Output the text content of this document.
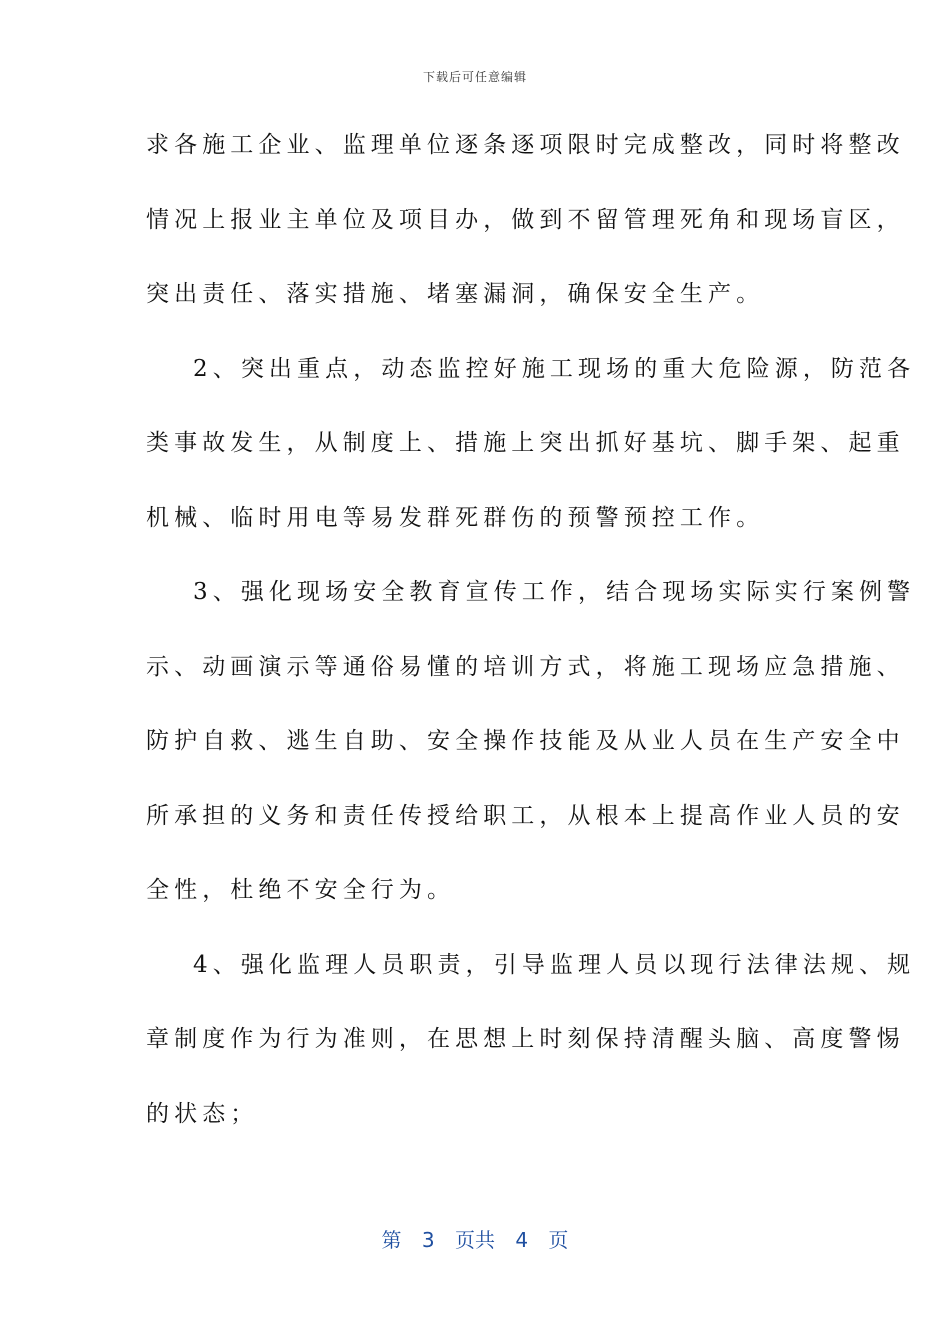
下载后可任意编辑
求各施工企业、监理单位逐条逐项限时完成整改，同时将整改
情况上报业主单位及项目办，做到不留管理死角和现场盲区，
突出责任、落实措施、堵塞漏洞，确保安全生产。
2、突出重点，动态监控好施工现场的重大危险源，防范各
类事故发生，从制度上、措施上突出抓好基坑、脚手架、起重
机械、临时用电等易发群死群伤的预警预控工作。
3、强化现场安全教育宣传工作，结合现场实际实行案例警
示、动画演示等通俗易懂的培训方式，将施工现场应急措施、
防护自救、逃生自助、安全操作技能及从业人员在生产安全中
所承担的义务和责任传授给职工，从根本上提高作业人员的安
全性，杜绝不安全行为。
4、强化监理人员职责，引导监理人员以现行法律法规、规
章制度作为行为准则，在思想上时刻保持清醒头脑、高度警惕
的状态；
第 3 页共 4 页
